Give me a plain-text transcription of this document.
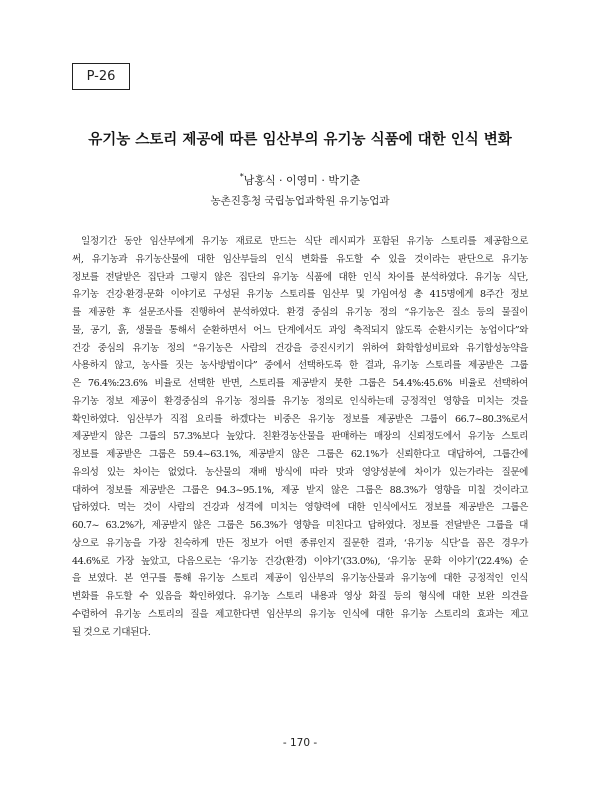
P-26
유기농 스토리 제공에 따른 임산부의 유기농 식품에 대한 인식 변화
*남홍식 · 이영미 · 박기춘
농촌진흥청 국립농업과학원 유기농업과
일정기간 동안 임산부에게 유기농 재료로 만드는 식단 레시피가 포함된 유기농 스토리를 제공함으로
써, 유기농과 유기농산물에 대한 임산부들의 인식 변화를 유도할 수 있을 것이라는 판단으로 유기농
정보를 전달받은 집단과 그렇지 않은 집단의 유기농 식품에 대한 인식 차이를 분석하였다. 유기농 식단,
유기농 건강·환경·문화 이야기로 구성된 유기농 스토리를 임산부 및 가임여성 총 415명에게 8주간 정보
를 제공한 후 설문조사를 진행하여 분석하였다. 환경 중심의 유기농 정의 “유기농은 질소 등의 물질이
물, 공기, 흙, 생물을 통해서 순환하면서 어느 단계에서도 과잉 축적되지 않도록 순환시키는 농업이다”와
건강 중심의 유기농 정의 “유기농은 사람의 건강을 증진시키기 위하여 화학합성비료와 유기합성농약을
사용하지 않고, 농사를 짓는 농사방법이다” 중에서 선택하도록 한 결과, 유기농 스토리를 제공받은 그룹
은 76.4%:23.6% 비율로 선택한 반면, 스토리를 제공받지 못한 그룹은 54.4%:45.6% 비율로 선택하여
유기농 정보 제공이 환경중심의 유기농 정의를 유기농 정의로 인식하는데 긍정적인 영향을 미치는 것을
확인하였다. 임산부가 직접 요리를 하겠다는 비중은 유기농 정보를 제공받은 그룹이 66.7~80.3%로서
제공받지 않은 그룹의 57.3%보다 높았다. 친환경농산물을 판매하는 매장의 신뢰정도에서 유기농 스토리
정보를 제공받은 그룹은 59.4~63.1%, 제공받지 않은 그룹은 62.1%가 신뢰한다고 대답하여, 그룹간에
유의성 있는 차이는 없었다. 농산물의 재배 방식에 따라 맛과 영양성분에 차이가 있는가라는 질문에
대하여 정보를 제공받은 그룹은 94.3~95.1%, 제공 받지 않은 그룹은 88.3%가 영향을 미칠 것이라고
답하였다. 먹는 것이 사람의 건강과 성격에 미치는 영향력에 대한 인식에서도 정보를 제공받은 그룹은
60.7~ 63.2%가, 제공받지 않은 그룹은 56.3%가 영향을 미친다고 답하였다. 정보를 전달받은 그룹을 대
상으로 유기농을 가장 친숙하게 만든 정보가 어떤 종류인지 질문한 결과, ‘유기농 식단’을 꼽은 경우가
44.6%로 가장 높았고, 다음으로는 ‘유기농 건강(환경) 이야기’(33.0%), ‘유기농 문화 이야기’(22.4%) 순
을 보였다. 본 연구를 통해 유기농 스토리 제공이 임산부의 유기농산물과 유기농에 대한 긍정적인 인식
변화를 유도할 수 있음을 확인하였다. 유기농 스토리 내용과 영상 화질 등의 형식에 대한 보완 의견을
수렴하여 유기농 스토리의 질을 제고한다면 임산부의 유기농 인식에 대한 유기농 스토리의 효과는 제고
될 것으로 기대된다.
- 170 -
